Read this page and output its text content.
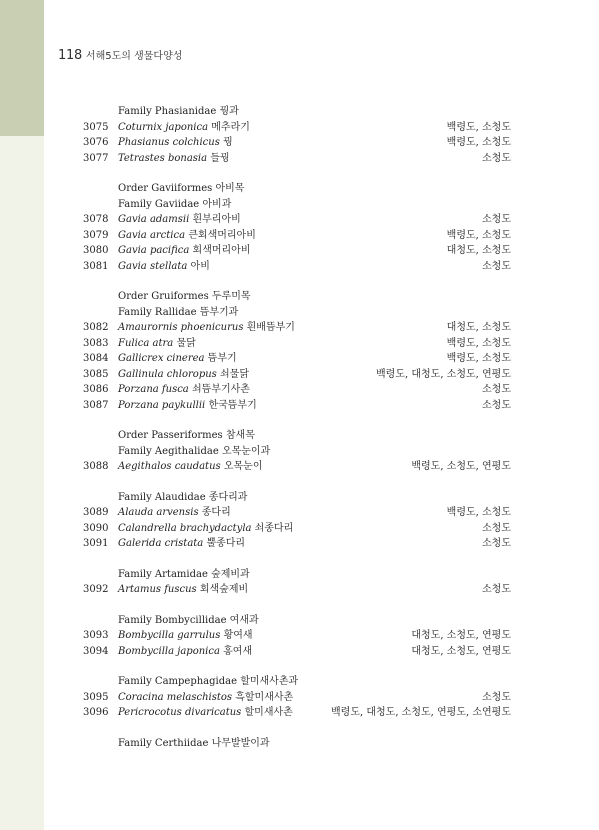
118 서해5도의 생물다양성
Family Phasianidae 꿩과
3075 Coturnix japonica 메추라기	백령도, 소청도
3076 Phasianus colchicus 꿩	백령도, 소청도
3077 Tetrastes bonasia 들꿩	소청도
Order Gaviiformes 아비목
Family Gaviidae 아비과
3078 Gavia adamsii 흰부리아비	소청도
3079 Gavia arctica 큰회색머리아비	백령도, 소청도
3080 Gavia pacifica 회색머리아비	대청도, 소청도
3081 Gavia stellata 아비	소청도
Order Gruiformes 두루미목
Family Rallidae 뜸부기과
3082 Amaurornis phoenicurus 흰배뜸부기	대청도, 소청도
3083 Fulica atra 물닭	백령도, 소청도
3084 Gallicrex cinerea 뜸부기	백령도, 소청도
3085 Gallinula chloropus 쇠물닭	백령도, 대청도, 소청도, 연평도
3086 Porzana fusca 쇠뜸부기사촌	소청도
3087 Porzana paykullii 한국뜸부기	소청도
Order Passeriformes 참새목
Family Aegithalidae 오목눈이과
3088 Aegithalos caudatus 오목눈이	백령도, 소청도, 연평도
Family Alaudidae 종다리과
3089 Alauda arvensis 종다리	백령도, 소청도
3090 Calandrella brachydactyla 쇠종다리	소청도
3091 Galerida cristata 뿔종다리	소청도
Family Artamidae 숲제비과
3092 Artamus fuscus 회색숲제비	소청도
Family Bombycillidae 여새과
3093 Bombycilla garrulus 황여새	대청도, 소청도, 연평도
3094 Bombycilla japonica 홍여새	대청도, 소청도, 연평도
Family Campephagidae 할미새사촌과
3095 Coracina melaschistos 흑할미새사촌	소청도
3096 Pericrocotus divaricatus 할미새사촌	백령도, 대청도, 소청도, 연평도, 소연평도
Family Certhiidae 나무발발이과
